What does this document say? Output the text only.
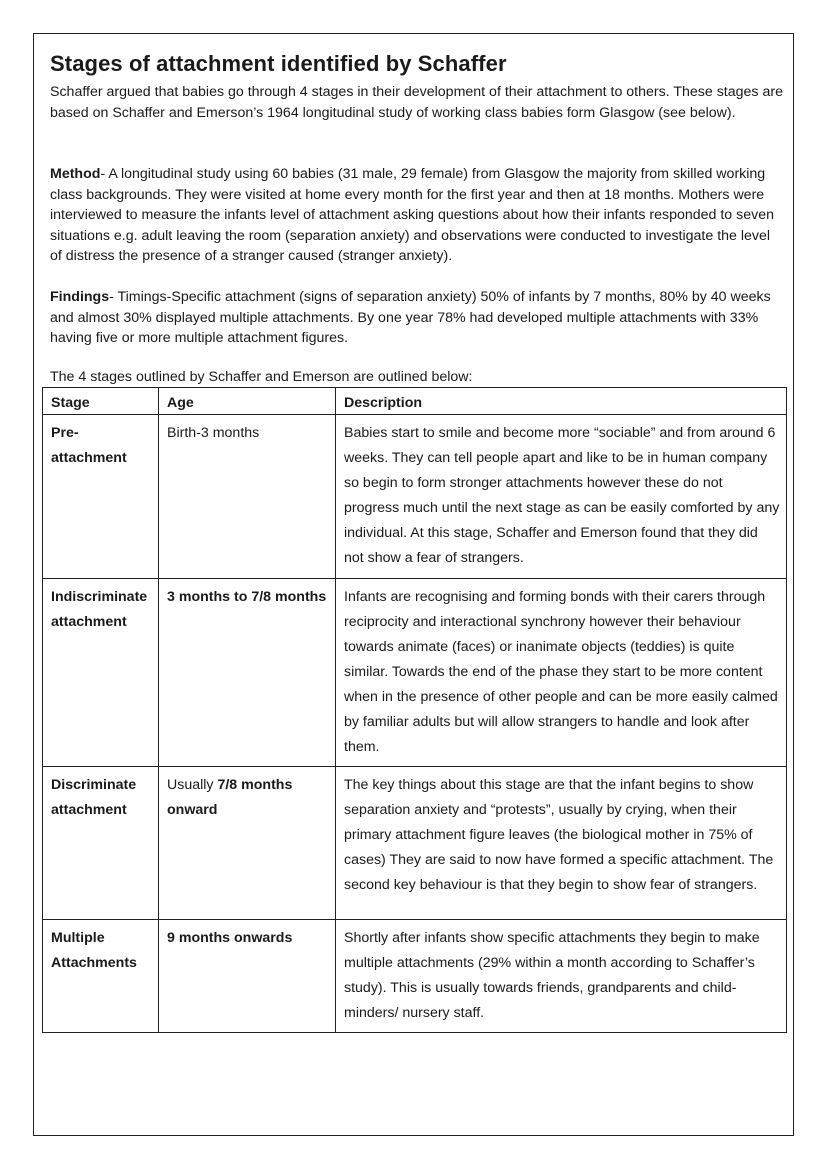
Stages of attachment identified by Schaffer

Schaffer argued that babies go through 4 stages in their development of their attachment to others. These stages are based on Schaffer and Emerson’s 1964 longitudinal study of working class babies form Glasgow (see below).

Method- A longitudinal study using 60 babies (31 male, 29 female) from Glasgow the majority from skilled working class backgrounds. They were visited at home every month for the first year and then at 18 months. Mothers were interviewed to measure the infants level of attachment asking questions about how their infants responded to seven situations e.g. adult leaving the room (separation anxiety) and observations were conducted to investigate the level of distress the presence of a stranger caused (stranger anxiety).

Findings- Timings-Specific attachment (signs of separation anxiety) 50% of infants by 7 months, 80% by 40 weeks and almost 30% displayed multiple attachments. By one year 78% had developed multiple attachments with 33% having five or more multiple attachment figures.

The 4 stages outlined by Schaffer and Emerson are outlined below:

Stage	Age	Description
Pre-
attachment	Birth-3 months	Babies start to smile and become more “sociable” and from around 6 weeks. They can tell people apart and like to be in human company so begin to form stronger attachments however these do not progress much until the next stage as can be easily comforted by any individual. At this stage, Schaffer and Emerson found that they did not show a fear of strangers.
Indiscriminate
attachment	3 months to 7/8 months	Infants are recognising and forming bonds with their carers through reciprocity and interactional synchrony however their behaviour towards animate (faces) or inanimate objects (teddies) is quite similar. Towards the end of the phase they start to be more content when in the presence of other people and can be more easily calmed by familiar adults but will allow strangers to handle and look after them.
Discriminate
attachment	Usually 7/8 months onward	The key things about this stage are that the infant begins to show separation anxiety and “protests”, usually by crying, when their primary attachment figure leaves (the biological mother in 75% of cases) They are said to now have formed a specific attachment. The second key behaviour is that they begin to show fear of strangers.
Multiple
Attachments	9 months onwards	Shortly after infants show specific attachments they begin to make multiple attachments (29% within a month according to Schaffer’s study). This is usually towards friends, grandparents and child-minders/ nursery staff.
